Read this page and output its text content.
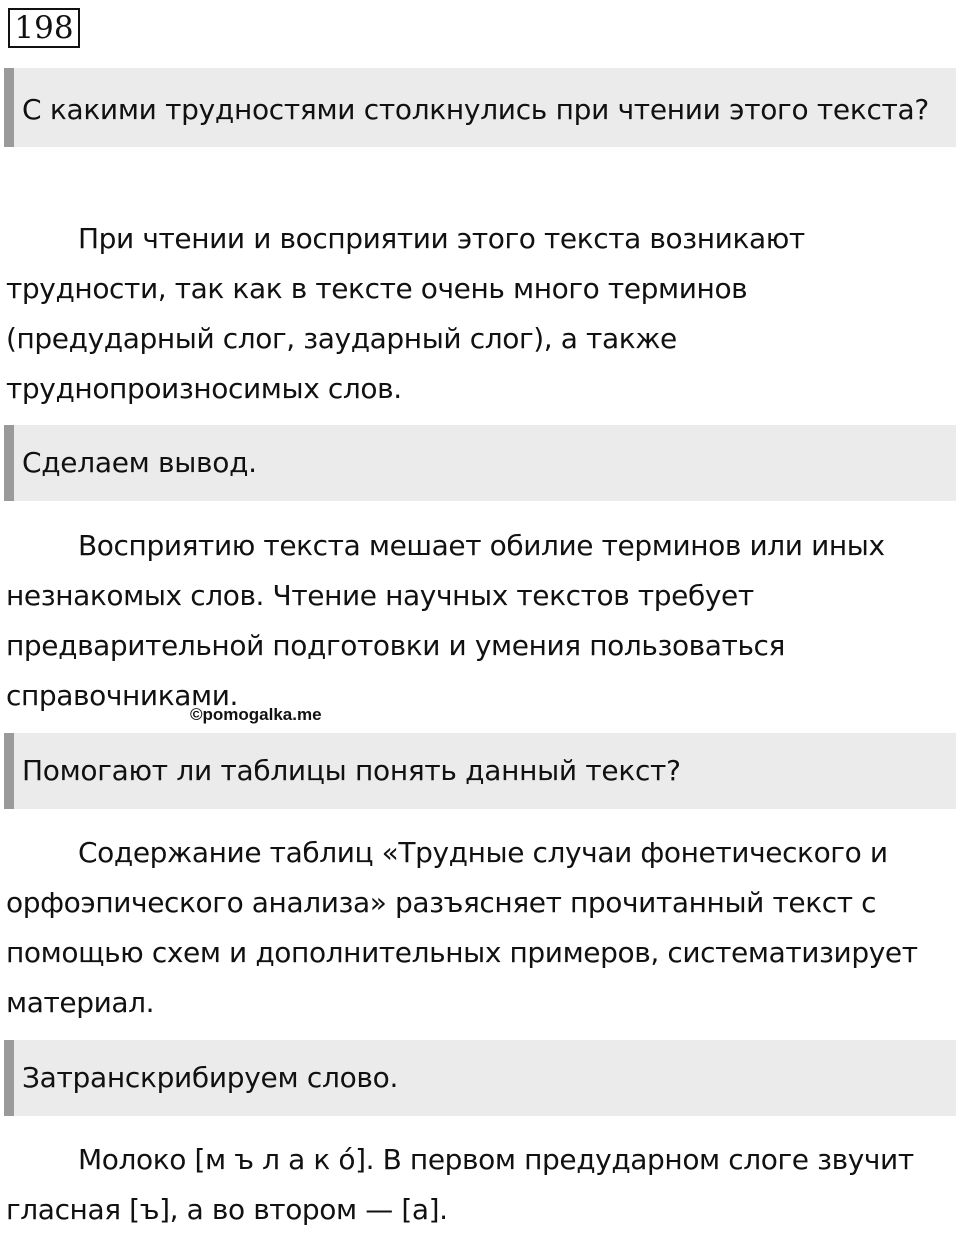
198
С какими трудностями столкнулись при чтении этого текста?

При чтении и восприятии этого текста возникают трудности, так как в тексте очень много терминов (предударный слог, заударный слог), а также труднопроизносимых слов.

Сделаем вывод.

Восприятию текста мешает обилие терминов или иных незнакомых слов. Чтение научных текстов требует предварительной подготовки и умения пользоваться справочниками.

©pomogalka.me
Помогают ли таблицы понять данный текст?

Содержание таблиц «Трудные случаи фонетического и орфоэпического анализа» разъясняет прочитанный текст с помощью схем и дополнительных примеров, систематизирует материал.

Затранскрибируем слово.

Молоко [м ъ л а к о́]. В первом предударном слоге звучит гласная [ъ], а во втором — [а].
